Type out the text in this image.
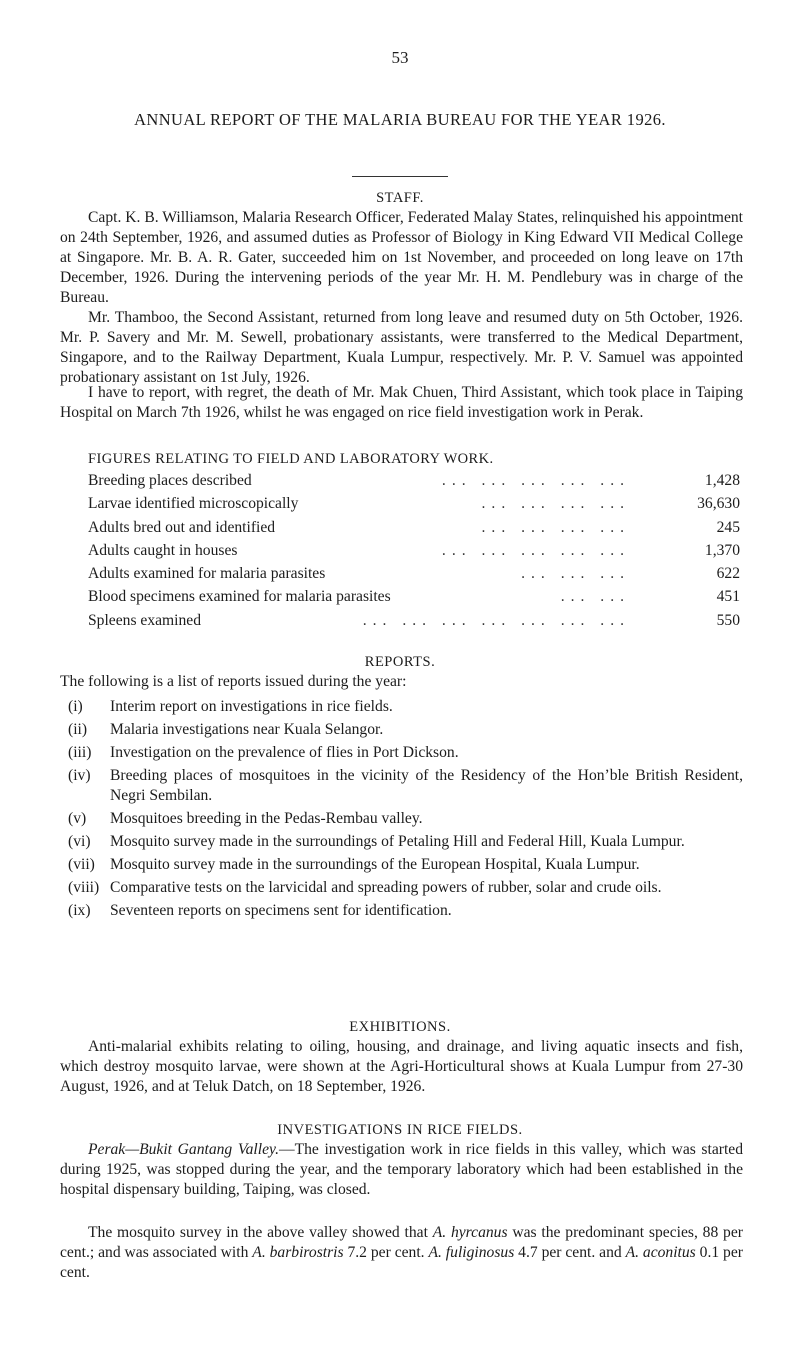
53
ANNUAL REPORT OF THE MALARIA BUREAU FOR THE YEAR 1926.
STAFF.
Capt. K. B. Williamson, Malaria Research Officer, Federated Malay States, relinquished his appointment on 24th September, 1926, and assumed duties as Professor of Biology in King Edward VII Medical College at Singapore. Mr. B. A. R. Gater, succeeded him on 1st November, and proceeded on long leave on 17th December, 1926. During the intervening periods of the year Mr. H. M. Pendlebury was in charge of the Bureau.
Mr. Thamboo, the Second Assistant, returned from long leave and resumed duty on 5th October, 1926. Mr. P. Savery and Mr. M. Sewell, probationary assistants, were transferred to the Medical Department, Singapore, and to the Railway Department, Kuala Lumpur, respectively. Mr. P. V. Samuel was appointed probationary assistant on 1st July, 1926.
I have to report, with regret, the death of Mr. Mak Chuen, Third Assistant, which took place in Taiping Hospital on March 7th 1926, whilst he was engaged on rice field investigation work in Perak.
FIGURES RELATING TO FIELD AND LABORATORY WORK.
Breeding places described	... ... ... ... ...	1,428
Larvae identified microscopically	... ... ... ...	36,630
Adults bred out and identified	... ... ... ...	245
Adults caught in houses	... ... ... ... ...	1,370
Adults examined for malaria parasites	... ... ...	622
Blood specimens examined for malaria parasites	... ...	451
Spleens examined	... ... ... ... ... ... ...	550
REPORTS.
The following is a list of reports issued during the year:
(i) Interim report on investigations in rice fields.
(ii) Malaria investigations near Kuala Selangor.
(iii) Investigation on the prevalence of flies in Port Dickson.
(iv) Breeding places of mosquitoes in the vicinity of the Residency of the Hon’ble British Resident, Negri Sembilan.
(v) Mosquitoes breeding in the Pedas-Rembau valley.
(vi) Mosquito survey made in the surroundings of Petaling Hill and Federal Hill, Kuala Lumpur.
(vii) Mosquito survey made in the surroundings of the European Hospital, Kuala Lumpur.
(viii) Comparative tests on the larvicidal and spreading powers of rubber, solar and crude oils.
(ix) Seventeen reports on specimens sent for identification.
EXHIBITIONS.
Anti-malarial exhibits relating to oiling, housing, and drainage, and living aquatic insects and fish, which destroy mosquito larvae, were shown at the Agri-Horticultural shows at Kuala Lumpur from 27-30 August, 1926, and at Teluk Datch, on 18 September, 1926.
INVESTIGATIONS IN RICE FIELDS.
Perak—Bukit Gantang Valley.—The investigation work in rice fields in this valley, which was started during 1925, was stopped during the year, and the temporary laboratory which had been established in the hospital dispensary building, Taiping, was closed.
The mosquito survey in the above valley showed that A. hyrcanus was the predominant species, 88 per cent.; and was associated with A. barbirostris 7.2 per cent. A. fuliginosus 4.7 per cent. and A. aconitus 0.1 per cent.
